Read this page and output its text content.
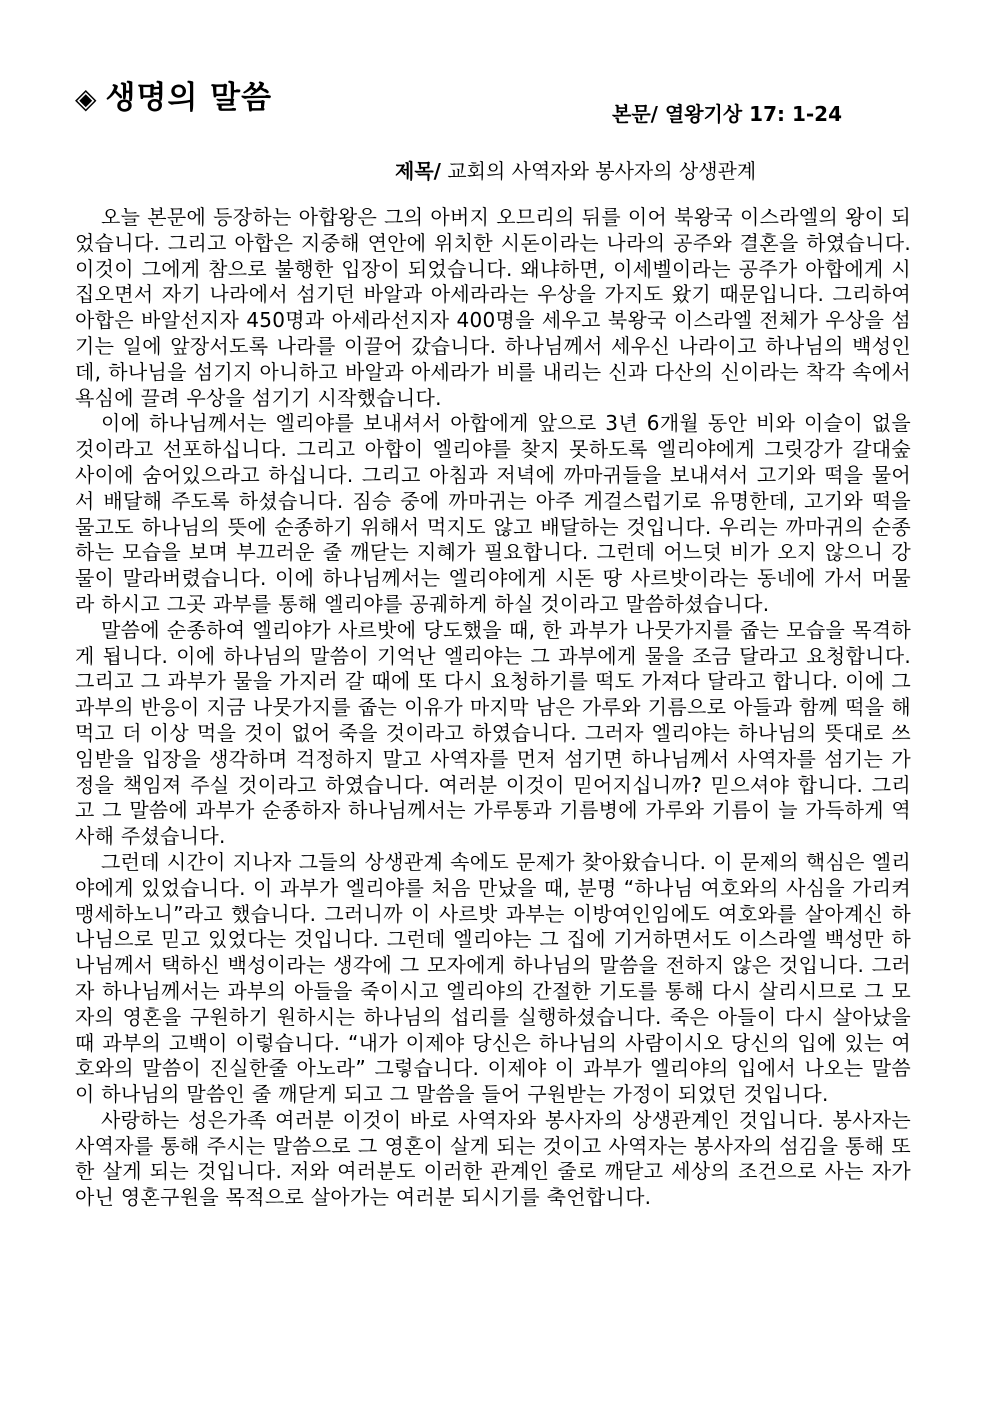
◈ 생명의 말씀	본문/ 열왕기상 17: 1-24
제목/ 교회의 사역자와 봉사자의 상생관계

오늘 본문에 등장하는 아합왕은 그의 아버지 오므리의 뒤를 이어 북왕국 이스라엘의 왕이 되었습니다. 그리고 아합은 지중해 연안에 위치한 시돈이라는 나라의 공주와 결혼을 하였습니다. 이것이 그에게 참으로 불행한 입장이 되었습니다. 왜냐하면, 이세벨이라는 공주가 아합에게 시집오면서 자기 나라에서 섬기던 바알과 아세라라는 우상을 가지도 왔기 때문입니다. 그리하여 아합은 바알선지자 450명과 아세라선지자 400명을 세우고 북왕국 이스라엘 전체가 우상을 섬기는 일에 앞장서도록 나라를 이끌어 갔습니다. 하나님께서 세우신 나라이고 하나님의 백성인데, 하나님을 섬기지 아니하고 바알과 아세라가 비를 내리는 신과 다산의 신이라는 착각 속에서 욕심에 끌려 우상을 섬기기 시작했습니다.

이에 하나님께서는 엘리야를 보내셔서 아합에게 앞으로 3년 6개월 동안 비와 이슬이 없을 것이라고 선포하십니다. 그리고 아합이 엘리야를 찾지 못하도록 엘리야에게 그릿강가 갈대숲 사이에 숨어있으라고 하십니다. 그리고 아침과 저녁에 까마귀들을 보내셔서 고기와 떡을 물어서 배달해 주도록 하셨습니다. 짐승 중에 까마귀는 아주 게걸스럽기로 유명한데, 고기와 떡을 물고도 하나님의 뜻에 순종하기 위해서 먹지도 않고 배달하는 것입니다. 우리는 까마귀의 순종하는 모습을 보며 부끄러운 줄 깨닫는 지혜가 필요합니다. 그런데 어느덧 비가 오지 않으니 강물이 말라버렸습니다. 이에 하나님께서는 엘리야에게 시돈 땅 사르밧이라는 동네에 가서 머물라 하시고 그곳 과부를 통해 엘리야를 공궤하게 하실 것이라고 말씀하셨습니다.

말씀에 순종하여 엘리야가 사르밧에 당도했을 때, 한 과부가 나뭇가지를 줍는 모습을 목격하게 됩니다. 이에 하나님의 말씀이 기억난 엘리야는 그 과부에게 물을 조금 달라고 요청합니다. 그리고 그 과부가 물을 가지러 갈 때에 또 다시 요청하기를 떡도 가져다 달라고 합니다. 이에 그 과부의 반응이 지금 나뭇가지를 줍는 이유가 마지막 남은 가루와 기름으로 아들과 함께 떡을 해 먹고 더 이상 먹을 것이 없어 죽을 것이라고 하였습니다. 그러자 엘리야는 하나님의 뜻대로 쓰임받을 입장을 생각하며 걱정하지 말고 사역자를 먼저 섬기면 하나님께서 사역자를 섬기는 가정을 책임져 주실 것이라고 하였습니다. 여러분 이것이 믿어지십니까? 믿으셔야 합니다. 그리고 그 말씀에 과부가 순종하자 하나님께서는 가루통과 기름병에 가루와 기름이 늘 가득하게 역사해 주셨습니다.

그런데 시간이 지나자 그들의 상생관계 속에도 문제가 찾아왔습니다. 이 문제의 핵심은 엘리야에게 있었습니다. 이 과부가 엘리야를 처음 만났을 때, 분명 “하나님 여호와의 사심을 가리켜 맹세하노니”라고 했습니다. 그러니까 이 사르밧 과부는 이방여인임에도 여호와를 살아계신 하나님으로 믿고 있었다는 것입니다. 그런데 엘리야는 그 집에 기거하면서도 이스라엘 백성만 하나님께서 택하신 백성이라는 생각에 그 모자에게 하나님의 말씀을 전하지 않은 것입니다. 그러자 하나님께서는 과부의 아들을 죽이시고 엘리야의 간절한 기도를 통해 다시 살리시므로 그 모자의 영혼을 구원하기 원하시는 하나님의 섭리를 실행하셨습니다. 죽은 아들이 다시 살아났을 때 과부의 고백이 이렇습니다. “내가 이제야 당신은 하나님의 사람이시오 당신의 입에 있는 여호와의 말씀이 진실한줄 아노라” 그렇습니다. 이제야 이 과부가 엘리야의 입에서 나오는 말씀이 하나님의 말씀인 줄 깨닫게 되고 그 말씀을 들어 구원받는 가정이 되었던 것입니다.

사랑하는 성은가족 여러분 이것이 바로 사역자와 봉사자의 상생관계인 것입니다. 봉사자는 사역자를 통해 주시는 말씀으로 그 영혼이 살게 되는 것이고 사역자는 봉사자의 섬김을 통해 또한 살게 되는 것입니다. 저와 여러분도 이러한 관계인 줄로 깨닫고 세상의 조건으로 사는 자가 아닌 영혼구원을 목적으로 살아가는 여러분 되시기를 축언합니다.
